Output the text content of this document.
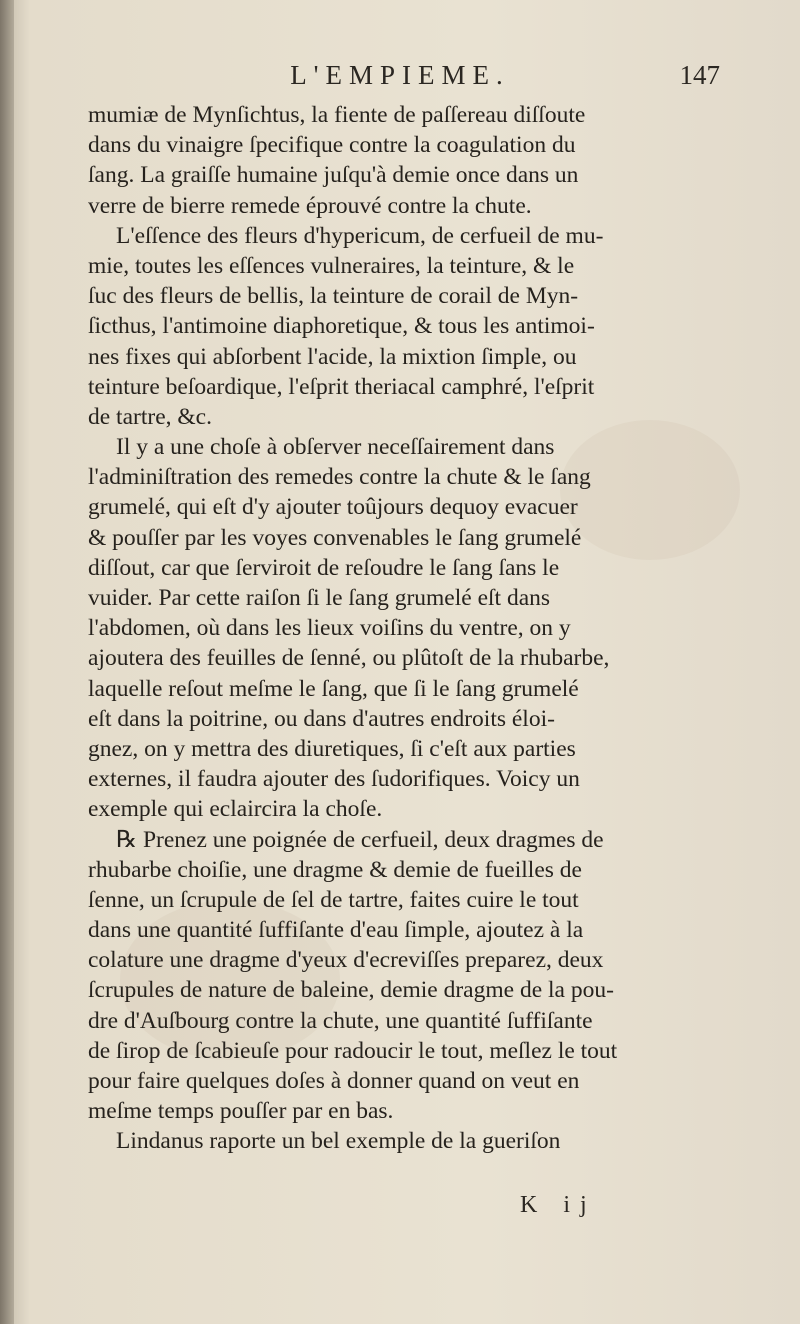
L'EMPIEME.	147
mumiæ de Mynſichtus, la fiente de paſſereau diſſoute
dans du vinaigre ſpecifique contre la coagulation du
ſang. La graiſſe humaine juſqu'à demie once dans un
verre de bierre remede éprouvé contre la chute.
L'eſſence des fleurs d'hypericum, de cerfueil de mu-
mie, toutes les eſſences vulneraires, la teinture, & le
ſuc des fleurs de bellis, la teinture de corail de Myn-
ſicthus, l'antimoine diaphoretique, & tous les antimoi-
nes fixes qui abſorbent l'acide, la mixtion ſimple, ou
teinture beſoardique, l'eſprit theriacal camphré, l'eſprit
de tartre, &c.
Il y a une choſe à obſerver neceſſairement dans
l'adminiſtration des remedes contre la chute & le ſang
grumelé, qui eſt d'y ajouter toûjours dequoy evacuer
& pouſſer par les voyes convenables le ſang grumelé
diſſout, car que ſerviroit de reſoudre le ſang ſans le
vuider. Par cette raiſon ſi le ſang grumelé eſt dans
l'abdomen, où dans les lieux voiſins du ventre, on y
ajoutera des feuilles de ſenné, ou plûtoſt de la rhubarbe,
laquelle reſout meſme le ſang, que ſi le ſang grumelé
eſt dans la poitrine, ou dans d'autres endroits éloi-
gnez, on y mettra des diuretiques, ſi c'eſt aux parties
externes, il faudra ajouter des ſudorifiques. Voicy un
exemple qui eclaircira la choſe.
℞ Prenez une poignée de cerfueil, deux dragmes de
rhubarbe choiſie, une dragme & demie de fueilles de
ſenne, un ſcrupule de ſel de tartre, faites cuire le tout
dans une quantité ſuffiſante d'eau ſimple, ajoutez à la
colature une dragme d'yeux d'ecreviſſes preparez, deux
ſcrupules de nature de baleine, demie dragme de la pou-
dre d'Auſbourg contre la chute, une quantité ſuffiſante
de ſirop de ſcabieuſe pour radoucir le tout, meſlez le tout
pour faire quelques doſes à donner quand on veut en
meſme temps pouſſer par en bas.
Lindanus raporte un bel exemple de la gueriſon
K ij
